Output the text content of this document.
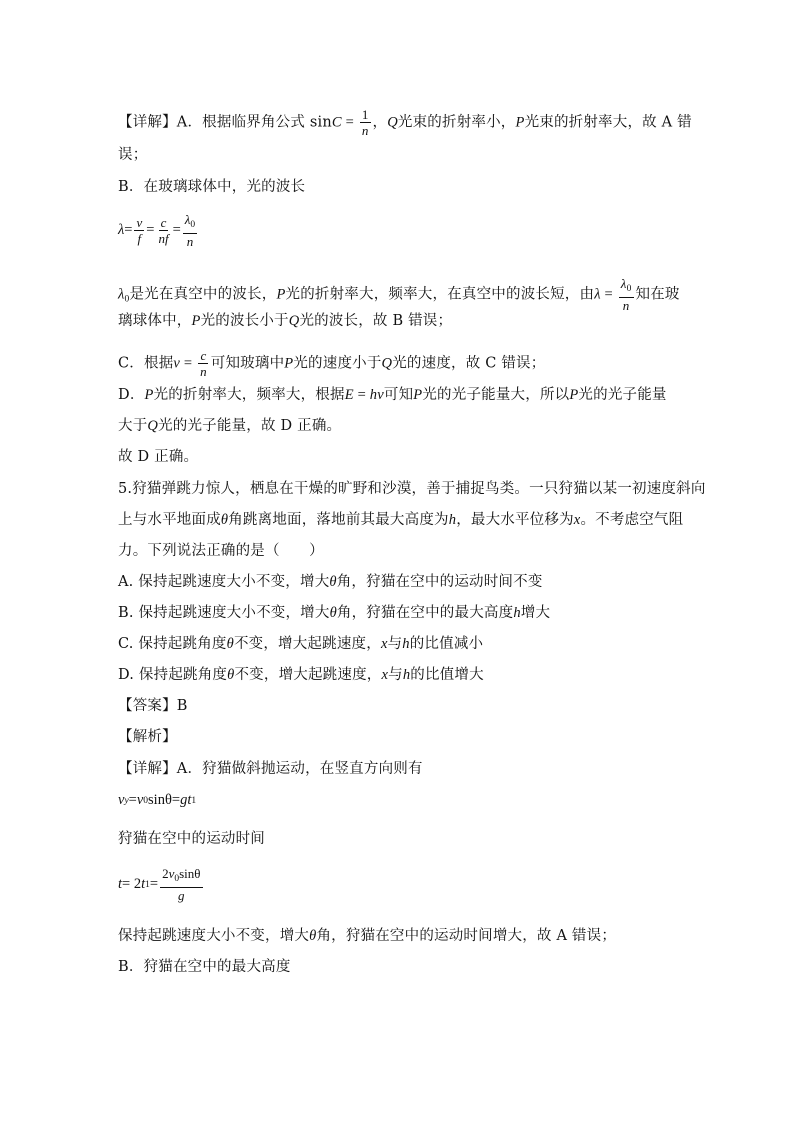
【详解】A．根据临界角公式 $\sin C = \frac{1}{n}$ ，Q光束的折射率小，P光束的折射率大，故 A 错
误；
B．在玻璃球体中，光的波长
$\lambda = \frac{v}{f} = \frac{c}{nf} = \frac{\lambda_0}{n}$
$\lambda_0$是光在真空中的波长，P光的折射率大，频率大，在真空中的波长短，由$\lambda = \frac{\lambda_0}{n}$ 知在玻
璃球体中，P光的波长小于Q光的波长，故 B 错误；
C．根据$v = \frac{c}{n}$ 可知玻璃中P光的速度小于Q光的速度，故 C 错误；
D．P光的折射率大，频率大，根据E = hν可知P光的光子能量大，所以P光的光子能量
大于Q光的光子能量，故 D 正确。
故 D 正确。
5.狩猫弹跳力惊人，栖息在干燥的旷野和沙漠，善于捕捉鸟类。一只狩猫以某一初速度斜向
上与水平地面成θ角跳离地面，落地前其最大高度为h，最大水平位移为x。不考虑空气阻
力。下列说法正确的是（　　）
A. 保持起跳速度大小不变，增大θ角，狩猫在空中的运动时间不变
B. 保持起跳速度大小不变，增大θ角，狩猫在空中的最大高度h增大
C. 保持起跳角度θ不变，增大起跳速度，x与h的比值减小
D. 保持起跳角度θ不变，增大起跳速度，x与h的比值增大
【答案】B
【解析】
【详解】A．狩猫做斜抛运动，在竖直方向则有
v y = v 0 sinθ = gt 1
狩猫在空中的运动时间
t = 2 t $1 = \frac{2v_0\sin\theta}{g}$
保持起跳速度大小不变，增大θ角，狩猫在空中的运动时间增大，故 A 错误；
B．狩猫在空中的最大高度
